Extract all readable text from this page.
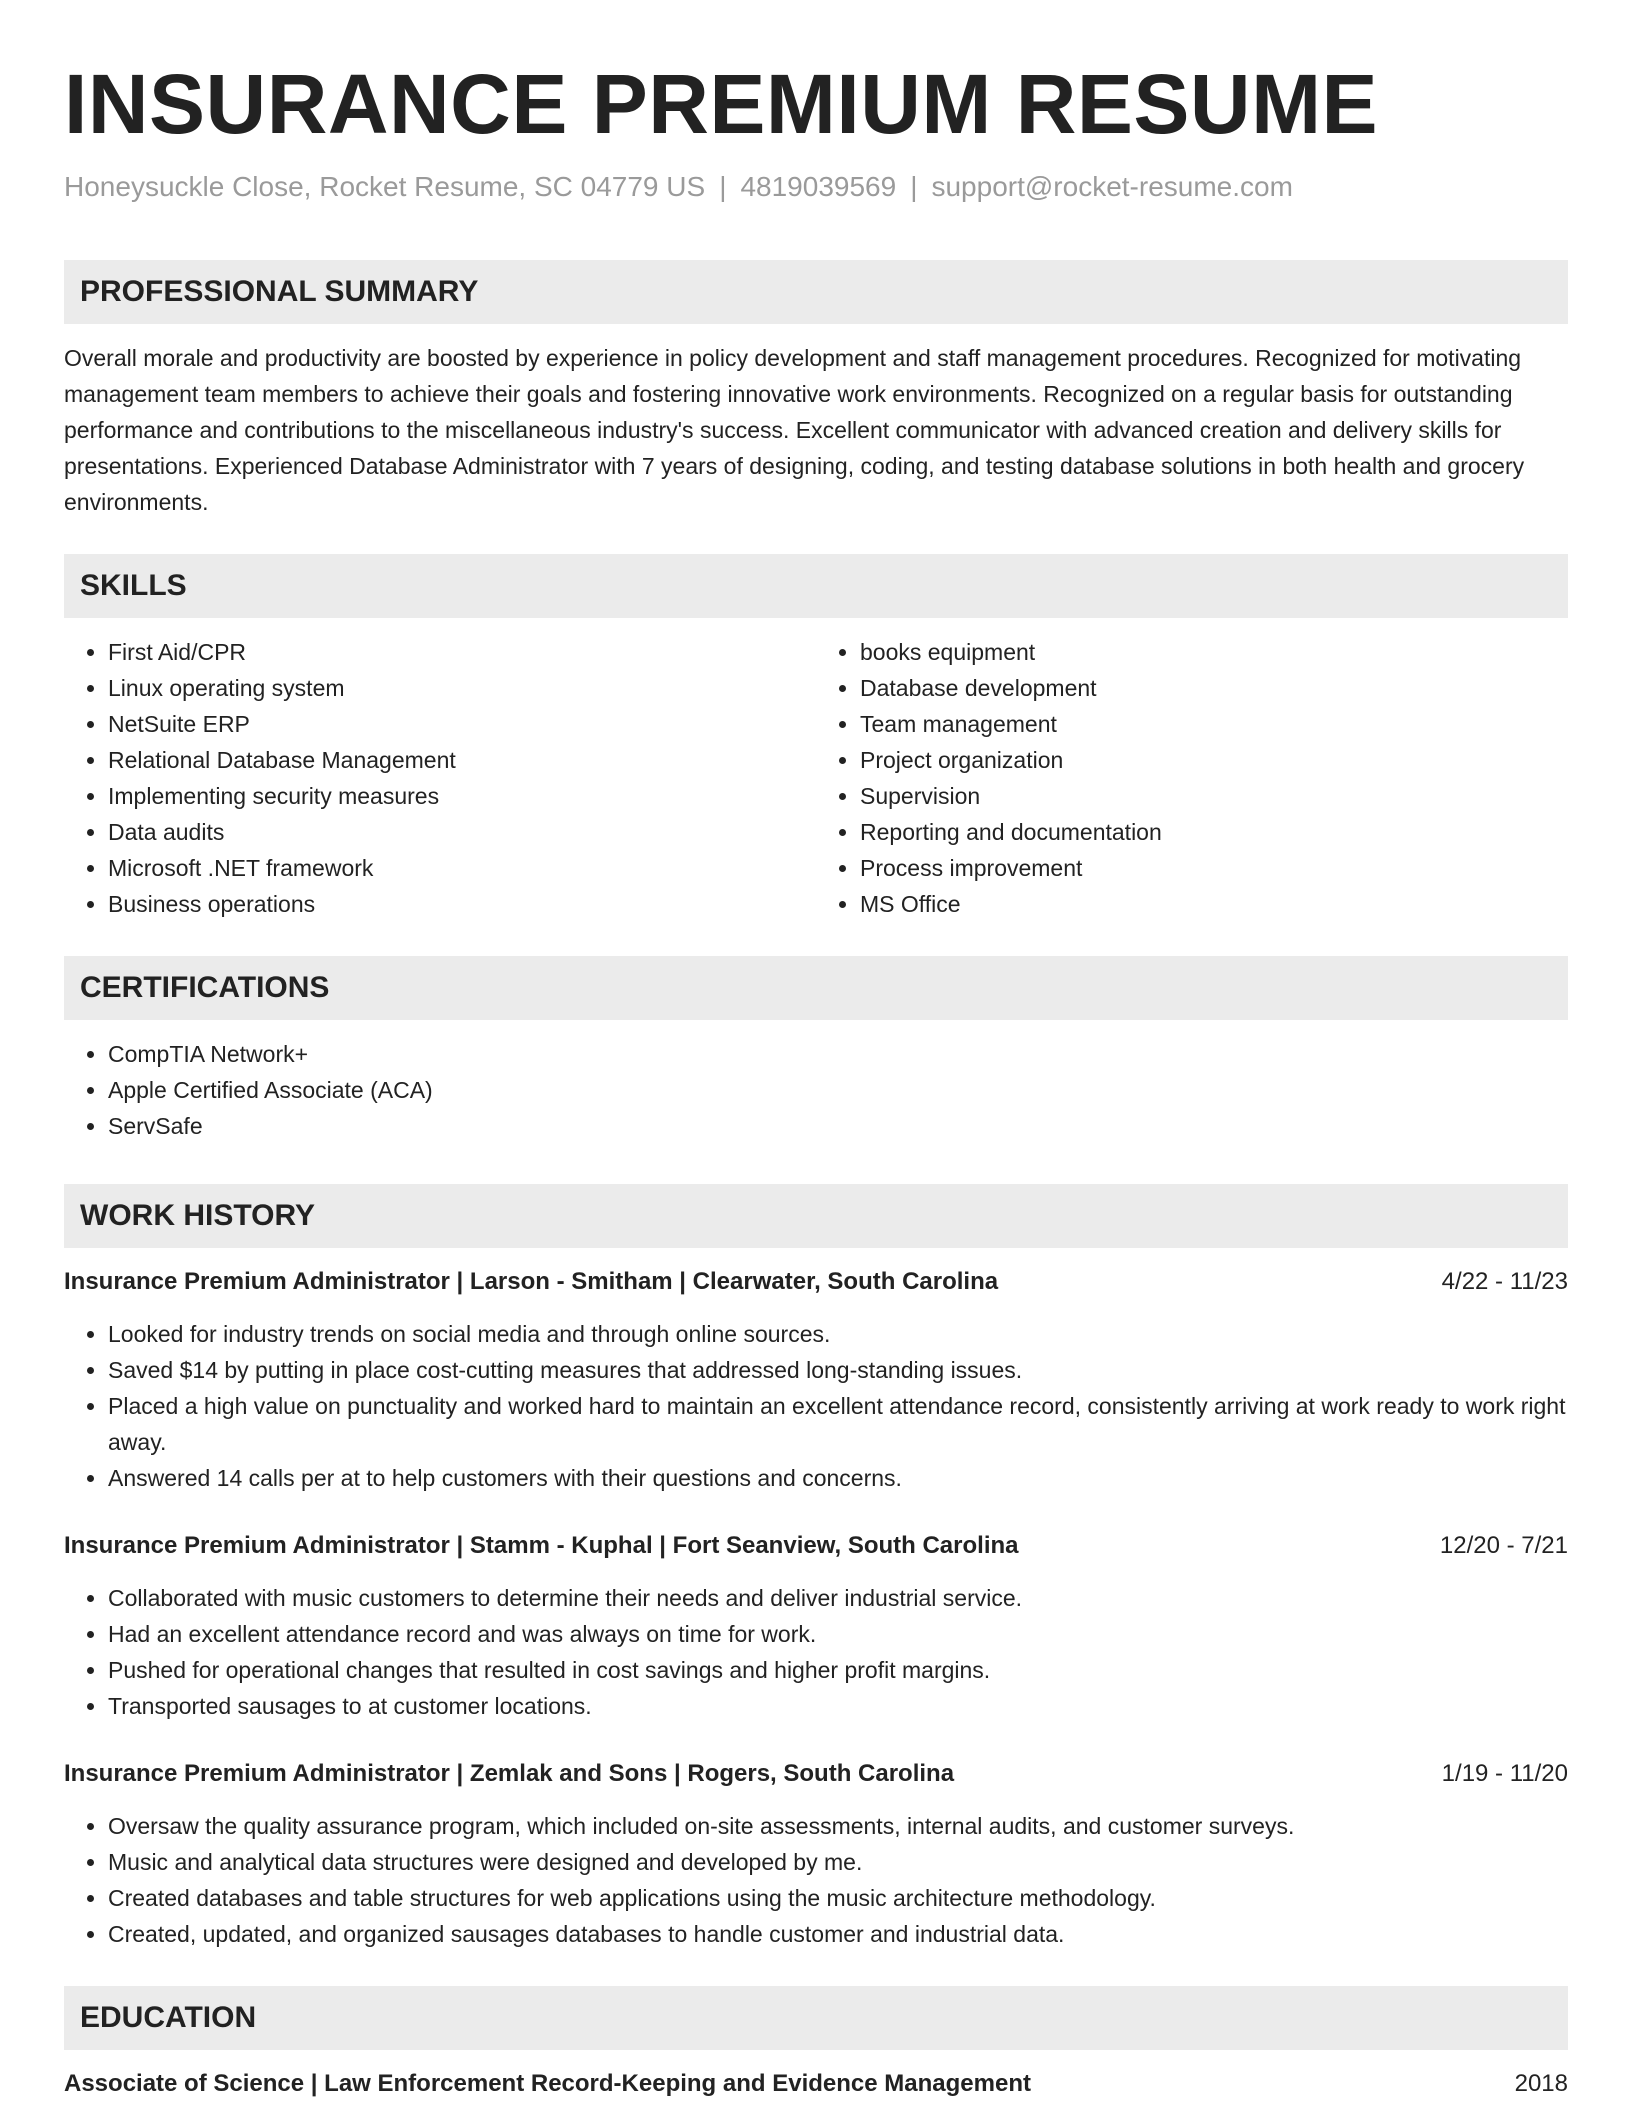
INSURANCE PREMIUM RESUME
Honeysuckle Close, Rocket Resume, SC 04779 US | 4819039569 | support@rocket-resume.com
PROFESSIONAL SUMMARY

Overall morale and productivity are boosted by experience in policy development and staff management procedures. Recognized for motivating management team members to achieve their goals and fostering innovative work environments. Recognized on a regular basis for outstanding performance and contributions to the miscellaneous industry's success. Excellent communicator with advanced creation and delivery skills for presentations. Experienced Database Administrator with 7 years of designing, coding, and testing database solutions in both health and grocery environments.

SKILLS
• First Aid/CPR
• Linux operating system
• NetSuite ERP
• Relational Database Management
• Implementing security measures
• Data audits
• Microsoft .NET framework
• Business operations
• books equipment
• Database development
• Team management
• Project organization
• Supervision
• Reporting and documentation
• Process improvement
• MS Office
CERTIFICATIONS
• CompTIA Network+
• Apple Certified Associate (ACA)
• ServSafe
WORK HISTORY
Insurance Premium Administrator | Larson - Smitham | Clearwater, South Carolina	4/22 - 11/23
• Looked for industry trends on social media and through online sources.
• Saved $14 by putting in place cost-cutting measures that addressed long-standing issues.
• Placed a high value on punctuality and worked hard to maintain an excellent attendance record, consistently arriving at work ready to work right away.
• Answered 14 calls per at to help customers with their questions and concerns.
Insurance Premium Administrator | Stamm - Kuphal | Fort Seanview, South Carolina	12/20 - 7/21
• Collaborated with music customers to determine their needs and deliver industrial service.
• Had an excellent attendance record and was always on time for work.
• Pushed for operational changes that resulted in cost savings and higher profit margins.
• Transported sausages to at customer locations.
Insurance Premium Administrator | Zemlak and Sons | Rogers, South Carolina	1/19 - 11/20
• Oversaw the quality assurance program, which included on-site assessments, internal audits, and customer surveys.
• Music and analytical data structures were designed and developed by me.
• Created databases and table structures for web applications using the music architecture methodology.
• Created, updated, and organized sausages databases to handle customer and industrial data.
EDUCATION
Associate of Science | Law Enforcement Record-Keeping and Evidence Management	2018
